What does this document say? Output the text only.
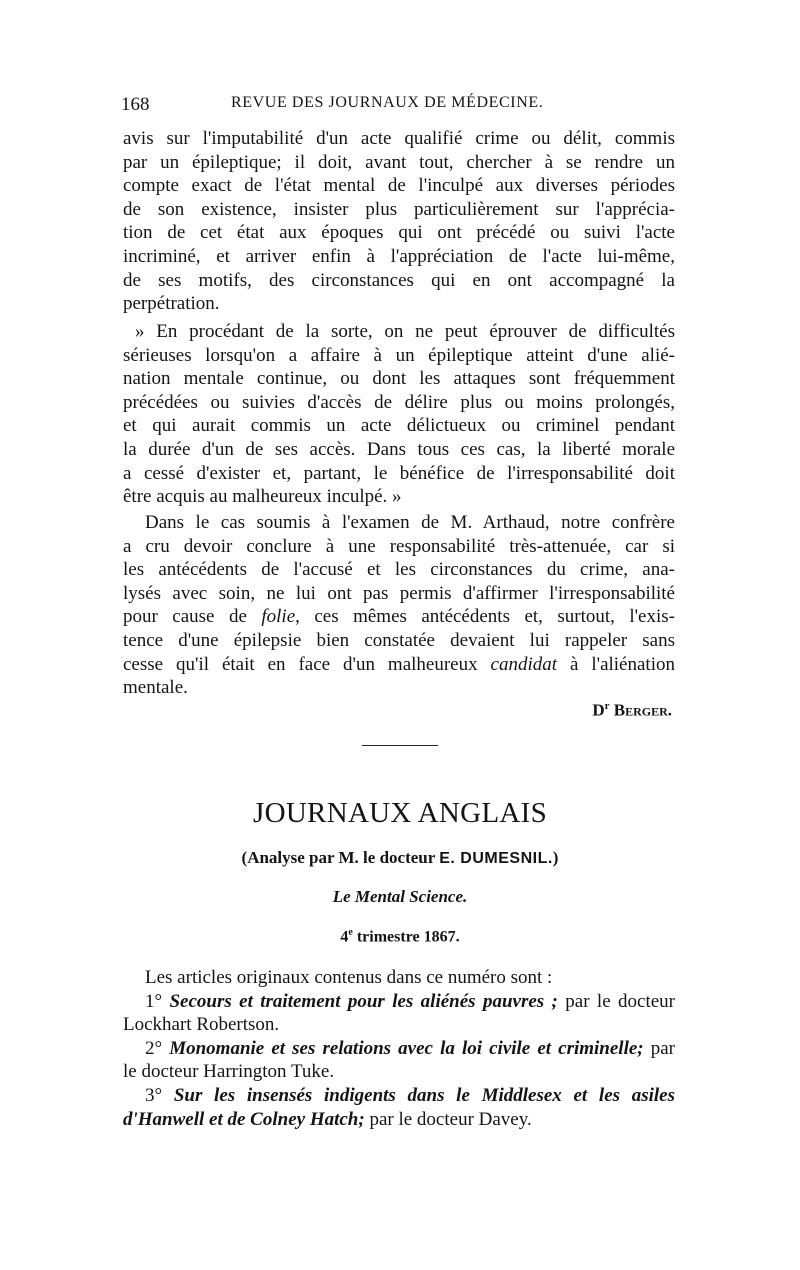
168	REVUE DES JOURNAUX DE MÉDECINE.
avis sur l'imputabilité d'un acte qualifié crime ou délit, commis
par un épileptique; il doit, avant tout, chercher à se rendre un
compte exact de l'état mental de l'inculpé aux diverses périodes
de son existence, insister plus particulièrement sur l'apprécia-
tion de cet état aux époques qui ont précédé ou suivi l'acte
incriminé, et arriver enfin à l'appréciation de l'acte lui-même,
de ses motifs, des circonstances qui en ont accompagné la
perpétration.
» En procédant de la sorte, on ne peut éprouver de difficultés
sérieuses lorsqu'on a affaire à un épileptique atteint d'une alié-
nation mentale continue, ou dont les attaques sont fréquemment
précédées ou suivies d'accès de délire plus ou moins prolongés,
et qui aurait commis un acte délictueux ou criminel pendant
la durée d'un de ses accès. Dans tous ces cas, la liberté morale
a cessé d'exister et, partant, le bénéfice de l'irresponsabilité doit
être acquis au malheureux inculpé. »
Dans le cas soumis à l'examen de M. Arthaud, notre confrère
a cru devoir conclure à une responsabilité très-attenuée, car si
les antécédents de l'accusé et les circonstances du crime, ana-
lysés avec soin, ne lui ont pas permis d'affirmer l'irresponsabilité
pour cause de folie, ces mêmes antécédents et, surtout, l'exis-
tence d'une épilepsie bien constatée devaient lui rappeler sans
cesse qu'il était en face d'un malheureux candidat à l'aliénation
mentale.
$D^r$ Berger.
JOURNAUX ANGLAIS
(Analyse par M. le docteur E. DUMESNIL.)
Le Mental Science.
4e trimestre 1867.
Les articles originaux contenus dans ce numéro sont :
1° Secours et traitement pour les aliénés pauvres ; par le docteur
Lockhart Robertson.
2° Monomanie et ses relations avec la loi civile et criminelle; par
le docteur Harrington Tuke.
3° Sur les insensés indigents dans le Middlesex et les asiles
d'Hanwell et de Colney Hatch; par le docteur Davey.
